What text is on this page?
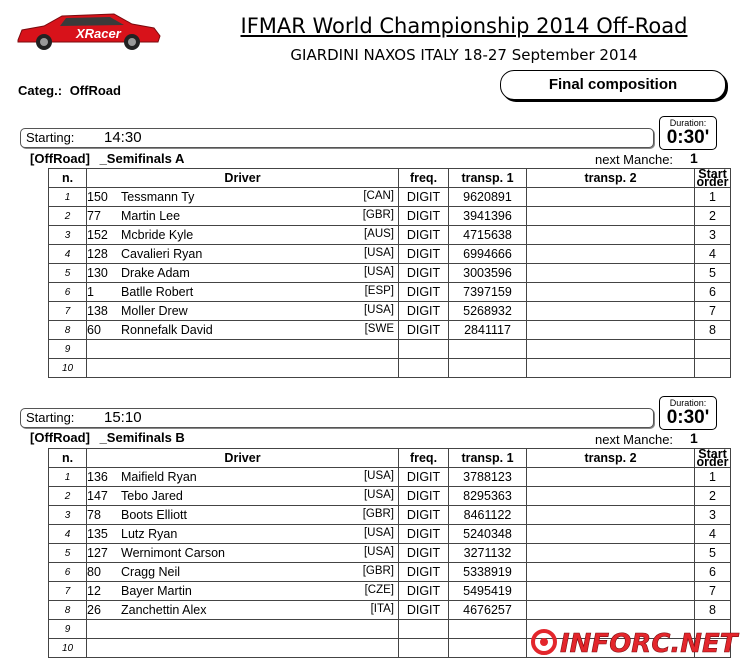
XRacer	IFMAR World Championship 2014 Off-Road
GIARDINI NAXOS ITALY 18-27 September 2014
Categ.: OffRoad	Final composition
Starting: 14:30
Duration:
0:30'
[OffRoad] _Semifinals A	next Manche: 1
n.	Driver	freq.	transp. 1	transp. 2	Start order
1	150 Tessmann Ty [CAN]	DIGIT	9620891		1
2	77 Martin Lee [GBR]	DIGIT	3941396		2
3	152 Mcbride Kyle [AUS]	DIGIT	4715638		3
4	128 Cavalieri Ryan [USA]	DIGIT	6994666		4
5	130 Drake Adam [USA]	DIGIT	3003596		5
6	1 Batlle Robert [ESP]	DIGIT	7397159		6
7	138 Moller Drew [USA]	DIGIT	5268932		7
8	60 Ronnefalk David [SWE	DIGIT	2841117		8
9	

10	

Starting: 15:10
Duration:
0:30'
[OffRoad] _Semifinals B	next Manche: 1
n.	Driver	freq.	transp. 1	transp. 2	Start order
1	136 Maifield Ryan [USA]	DIGIT	3788123		1
2	147 Tebo Jared [USA]	DIGIT	8295363		2
3	78 Boots Elliott [GBR]	DIGIT	8461122		3
4	135 Lutz Ryan [USA]	DIGIT	5240348		4
5	127 Wernimont Carson [USA]	DIGIT	3271132		5
6	80 Cragg Neil [GBR]	DIGIT	5338919		6
7	12 Bayer Martin [CZE]	DIGIT	5495419		7
8	26 Zanchettin Alex [ITA]	DIGIT	4676257		8
9	

10	
					INFORC.NET
